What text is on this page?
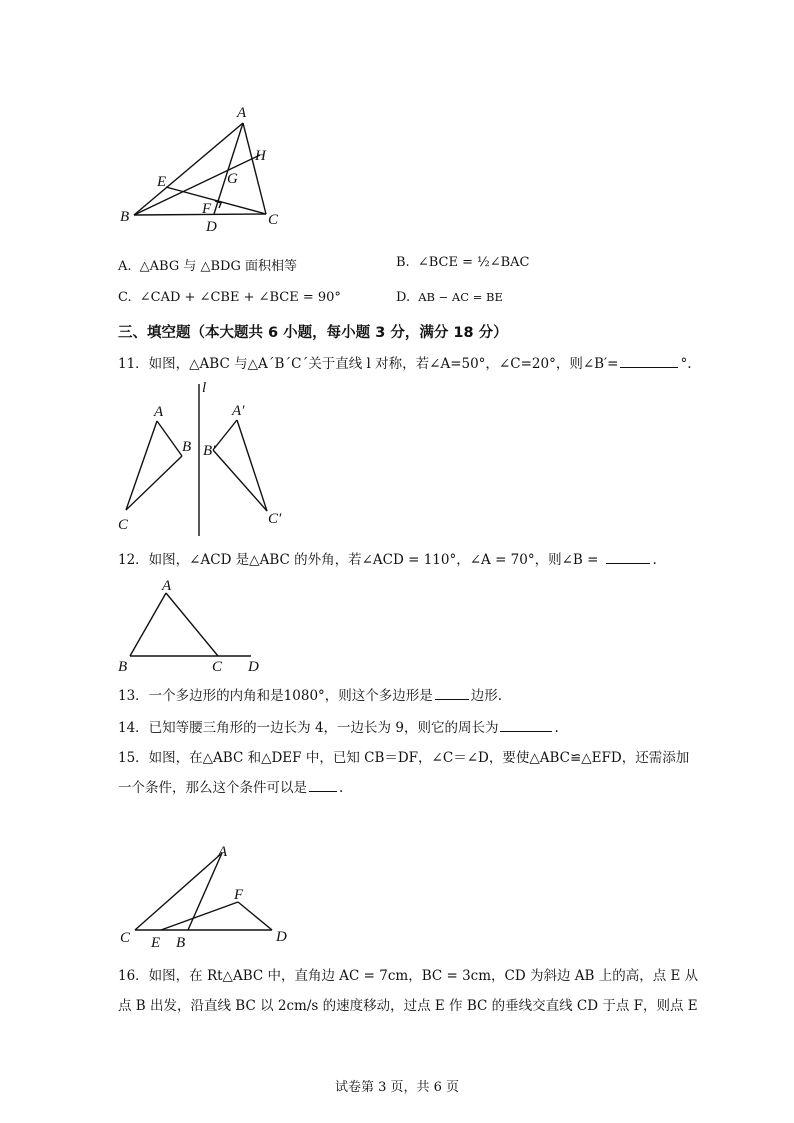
A
H
G
E
F
B
D	C
A. △ABG 与 △BDG 面积相等	B. ∠BCE = ½∠BAC
C. ∠CAD + ∠CBE + ∠BCE = 90°	D. AB − AC = BE
三、填空题（本大题共 6 小题，每小题 3 分，满分 18 分）
11．如图，△ABC 与△A´B´C´关于直线 l 对称，若∠A=50°，∠C=20°，则∠B′=	°.
l
A
B
C
A′
B′
C′
12．如图，∠ACD 是△ABC 的外角，若∠ACD = 110°，∠A = 70°，则∠B =	.
A
B	C D
13．一个多边形的内角和是1080°，则这个多边形是	边形.
14．已知等腰三角形的一边长为 4，一边长为 9，则它的周长为	.
15．如图，在△ABC 和△DEF 中，已知 CB＝DF，∠C＝∠D，要使△ABC≌△EFD，还需添加
一个条件，那么这个条件可以是 .
A
F
C E B	D
16．如图，在 Rt△ABC 中，直角边 AC = 7cm，BC = 3cm，CD 为斜边 AB 上的高，点 E 从
点 B 出发，沿直线 BC 以 2cm/s 的速度移动，过点 E 作 BC 的垂线交直线 CD 于点 F，则点 E
试卷第 3 页，共 6 页
